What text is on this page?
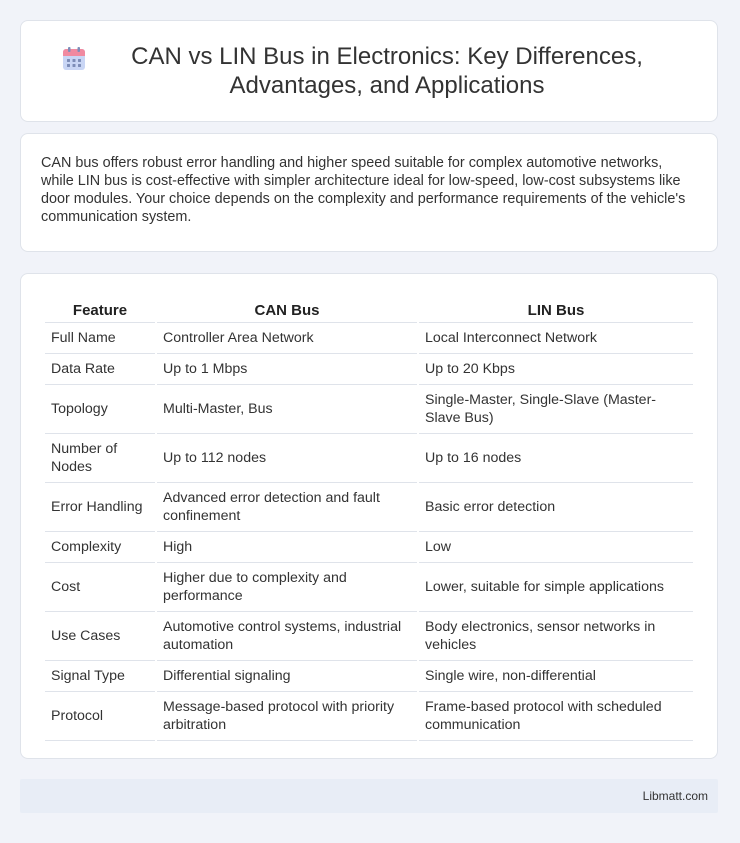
CAN vs LIN Bus in Electronics: Key Differences, Advantages, and Applications

CAN bus offers robust error handling and higher speed suitable for complex automotive networks, while LIN bus is cost-effective with simpler architecture ideal for low-speed, low-cost subsystems like door modules. Your choice depends on the complexity and performance requirements of the vehicle's communication system.

Feature	CAN Bus	LIN Bus
Full Name	Controller Area Network	Local Interconnect Network
Data Rate	Up to 1 Mbps	Up to 20 Kbps
Topology	Multi-Master, Bus	Single-Master, Single-Slave (Master-Slave Bus)
Number of Nodes	Up to 112 nodes	Up to 16 nodes
Error Handling	Advanced error detection and fault confinement	Basic error detection
Complexity	High	Low
Cost	Higher due to complexity and performance	Lower, suitable for simple applications
Use Cases	Automotive control systems, industrial automation	Body electronics, sensor networks in vehicles
Signal Type	Differential signaling	Single wire, non-differential
Protocol	Message-based protocol with priority arbitration	Frame-based protocol with scheduled communication
Libmatt.com
